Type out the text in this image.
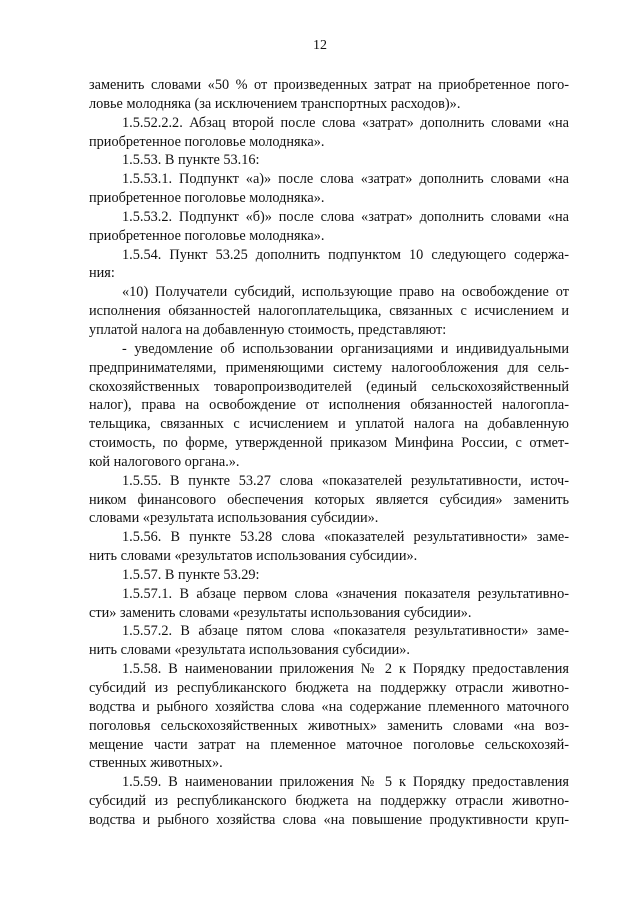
12
заменить словами «50 % от произведенных затрат на приобретенное пого-
ловье молодняка (за исключением транспортных расходов)».
1.5.52.2.2. Абзац второй после слова «затрат» дополнить словами «на
приобретенное поголовье молодняка».
1.5.53. В пункте 53.16:
1.5.53.1. Подпункт «а)» после слова «затрат» дополнить словами «на
приобретенное поголовье молодняка».
1.5.53.2. Подпункт «б)» после слова «затрат» дополнить словами «на
приобретенное поголовье молодняка».
1.5.54. Пункт 53.25 дополнить подпунктом 10 следующего содержа-
ния:
«10) Получатели субсидий, использующие право на освобождение от
исполнения обязанностей налогоплательщика, связанных с исчислением и
уплатой налога на добавленную стоимость, представляют:
- уведомление об использовании организациями и индивидуальными
предпринимателями, применяющими систему налогообложения для сель-
скохозяйственных товаропроизводителей (единый сельскохозяйственный
налог), права на освобождение от исполнения обязанностей налогопла-
тельщика, связанных с исчислением и уплатой налога на добавленную
стоимость, по форме, утвержденной приказом Минфина России, с отмет-
кой налогового органа.».
1.5.55. В пункте 53.27 слова «показателей результативности, источ-
ником финансового обеспечения которых является субсидия» заменить
словами «результата использования субсидии».
1.5.56. В пункте 53.28 слова «показателей результативности» заме-
нить словами «результатов использования субсидии».
1.5.57. В пункте 53.29:
1.5.57.1. В абзаце первом слова «значения показателя результативно-
сти» заменить словами «результаты использования субсидии».
1.5.57.2. В абзаце пятом слова «показателя результативности» заме-
нить словами «результата использования субсидии».
1.5.58. В наименовании приложения № 2 к Порядку предоставления
субсидий из республиканского бюджета на поддержку отрасли животно-
водства и рыбного хозяйства слова «на содержание племенного маточного
поголовья сельскохозяйственных животных» заменить словами «на воз-
мещение части затрат на племенное маточное поголовье сельскохозяй-
ственных животных».
1.5.59. В наименовании приложения № 5 к Порядку предоставления
субсидий из республиканского бюджета на поддержку отрасли животно-
водства и рыбного хозяйства слова «на повышение продуктивности круп-
